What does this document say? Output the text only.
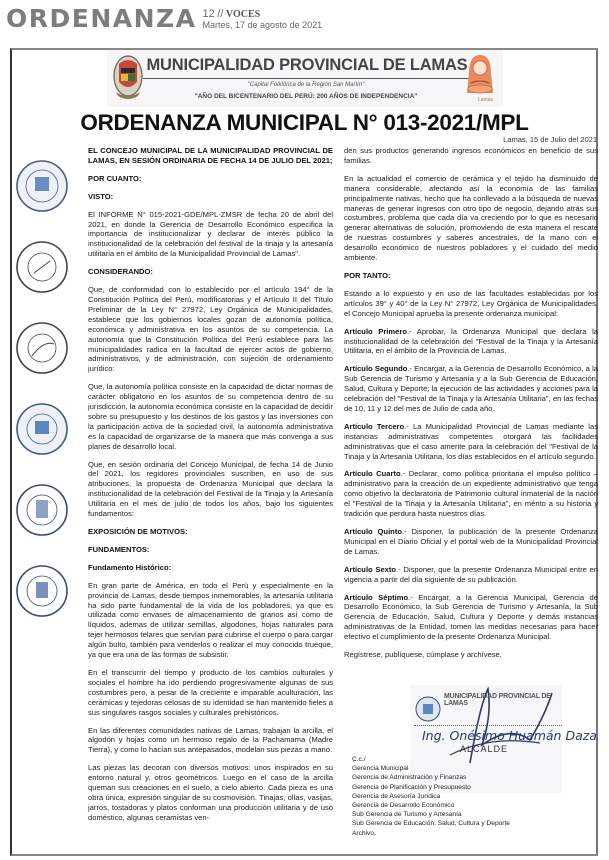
ORDENANZA 12 // VOCES
Martes, 17 de agosto de 2021
MUNICIPALIDAD PROVINCIAL DE LAMAS
"Capital Folklórica de la Región San Martín"
"AÑO DEL BICENTENARIO DEL PERÚ: 200 AÑOS DE INDEPENDENCIA"	Lamas
ORDENANZA MUNICIPAL N° 013-2021/MPL
Lamas, 15 de Julio del 2021

EL CONCEJO MUNICIPAL DE LA MUNICIPALIDAD PROVINCIAL DE LAMAS, EN SESIÓN ORDINARIA DE FECHA 14 DE JULIO DEL 2021;

POR CUANTO:

VISTO:

El INFORME N° 015-2021-GDE/MPL-ZMSR de fecha 20 de abril del 2021, en donde la Gerencia de Desarrollo Económico especifica la importancia de institucionalizar y declarar de interés público la institucionalidad de la celebración del festival de la tinaja y la artesanía utilitaria en el ámbito de la Municipalidad Provincial de Lamas".

CONSIDERANDO:

Que, de conformidad con lo establecido por el artículo 194° de la Constitución Política del Perú, modificatorias y el Artículo II del Título Preliminar de la Ley N° 27972, Ley Orgánica de Municipalidades, establece que los gobiernos locales gozan de autonomía política, económica y administrativa en los asuntos de su competencia. La autonomía que la Constitución Política del Perú establece para las municipalidades radica en la facultad de ejercer actos de gobierno, administrativos, y de administración, con sujeción de ordenamiento jurídico:

Que, la autonomía política consiste en la capacidad de dictar normas de carácter obligatorio en los asuntos de su competencia dentro de su jurisdicción, la autonomía económica consiste en la capacidad de decidir sobre su presupuesto y los destinos de los gastos y las inversiones con la participación activa de la sociedad civil, la autonomía administrativa es la capacidad de organizarse de la manera que más convenga a sus planes de desarrollo local.

Que, en sesión ordinaria del Concejo Municipal, de fecha 14 de Junio del 2021, los regidores provinciales suscriben, en uso de sus atribuciones, la propuesta de Ordenanza Municipal que declara la institucionalidad de la celebración del Festival de la Tinaja y la Artesanía Utilitaria en el mes de julio de todos los años, bajo los siguientes fundamentos:

EXPOSICIÓN DE MOTIVOS:

FUNDAMENTOS:

Fundamento Histórico:

En gran parte de América, en todo el Perú y especialmente en la provincia de Lamas, desde tiempos inmemorables, la artesanía utilitaria ha sido parte fundamental de la vida de los pobladores, ya que es utilizada como envases de almacenamiento de granos así como de líquidos, ademas de utilizar semillas, algodones, hojas naturales para tejer hermosos telares que servían para cubrirse el cuerpo o para cargar algún bulto, también para venderlos o realizar el muy conocido trueque, ya que era una de las formas de subsistir.

En el transcurrir del tiempo y producto de los cambios culturales y sociales el hombre ha ido perdiendo progresivamente algunas de sus costumbres pero, a pesar de la creciente e imparable aculturación, las cerámicas y tejedoras celosas de su identidad se han mantenido fieles a sus singulares rasgos sociales y culturales prehistóricos.

En las diferentes comunidades nativas de Lamas, trabajan la arcilla, el algodón y hojas como un hermoso regalo de la Pachamama (Madre Tierra), y como lo hacían sus antepasados, modelan sus piezas a mano.

Las piezas las decoran con diversos motivos: unos inspirados en su entorno natural y, otros geométricos. Luego en el caso de la arcilla queman sus creaciones en el suelo, a cielo abierto. Cada pieza es una obra única, expresión singular de su cosmovisión. Tinajas, ollas, vasijas, jarros, tostadoras y platos conforman una producción utilitaria y de uso doméstico, algunas ceramistas ven-

den sus productos generando ingresos económicos en beneficio de sus familias.

En la actualidad el comercio de cerámica y el tejido ha disminuido de manera considerable, afectando así la economía de las familias principalmente nativas, hecho que ha conllevado a la búsqueda de nuevas maneras de generar ingresos con otro tipo de negocio, dejando atrás sus costumbres, problema que cada día va creciendo por lo que es necesario generar alternativas de solución, promoviendo de esta manera el rescate de nuestras costumbres y saberes ancestrales, de la mano con el desarrollo económico de nuestros pobladores y el cuidado del medio ambiente.

POR TANTO:

Estando a lo expuesto y en uso de las facultades establecidas por los artículos 39° y 40° de la Ley N° 27972, Ley Orgánica de Municipalidades, el Concejo Municipal aprueba la presente ordenanza municipal:

Artículo Primero.- Aprobar, la Ordenanza Municipal que declara la institucionalidad de la celebración del "Festival de la Tinaja y la Artesanía Utilitaria, en el ámbito de la Provincia de Lamas.

Artículo Segundo.- Encargar, a la Gerencia de Desarrollo Económico, a la Sub Gerencia de Turismo y Artesanía y a la Sub Gerencia de Educación, Salud, Cultura y Deporte; la ejecución de las actividades y acciones para la celebración del "Festival de la Tinaja y la Artesanía Utilitaria", en las fechas de 10, 11 y 12 del mes de Julio de cada año.

Artículo Tercero.- La Municipalidad Provincial de Lamas mediante las instancias administrativas competentes otorgará las facilidades administrativas que el caso amerite para la celebración del "Festival de la Tinaja y la Artesanía Utilitaria, los días establecidos en el artículo segundo.

Artículo Cuarto.- Declarar, como política prioritaria el impulso político – administrativo para la creación de un expediente administrativo que tenga como objetivo la declaratoria de Patrimonio cultural inmaterial de la nación el "Festival de la Tinaja y la Artesanía Utilitaria", en mérito a su historia y tradición que perdura hasta nuestros días.

Artículo Quinto.- Disponer, la publicación de la presente Ordenanza Municipal en el Diario Oficial y el portal web de la Municipalidad Provincial de Lamas.

Artículo Sexto.- Disponer, que la presente Ordenanza Municipal entre en vigencia a partir del día siguiente de su publicación.

Artículo Séptimo.- Encargar, a la Gerencia Municipal, Gerencia de Desarrollo Económico, la Sub Gerencia de Turismo y Artesanía, la Sub Gerencia de Educación, Salud, Cultura y Deporte y demás instancias administrativas de la Entidad, tomen las medidas necesarias para hacer efectivo el cumplimiento de la presente Ordenanza Municipal.

Regístrese, publíquese, cúmplase y archívese.

MUNICIPALIDAD PROVINCIAL DE LAMAS
Ing. Onésimo Huamán Daza
ALCALDE
C.c./
Gerencia Municipal
Gerencia de Administración y Finanzas
Gerencia de Planificación y Presupuesto
Gerencia de Asesoría Jurídica
Gerencia de Desarrollo Económico
Sub Gerencia de Turismo y Artesanía
Sub Gerencia de Educación, Salud, Cultura y Deporte
Archivo.
